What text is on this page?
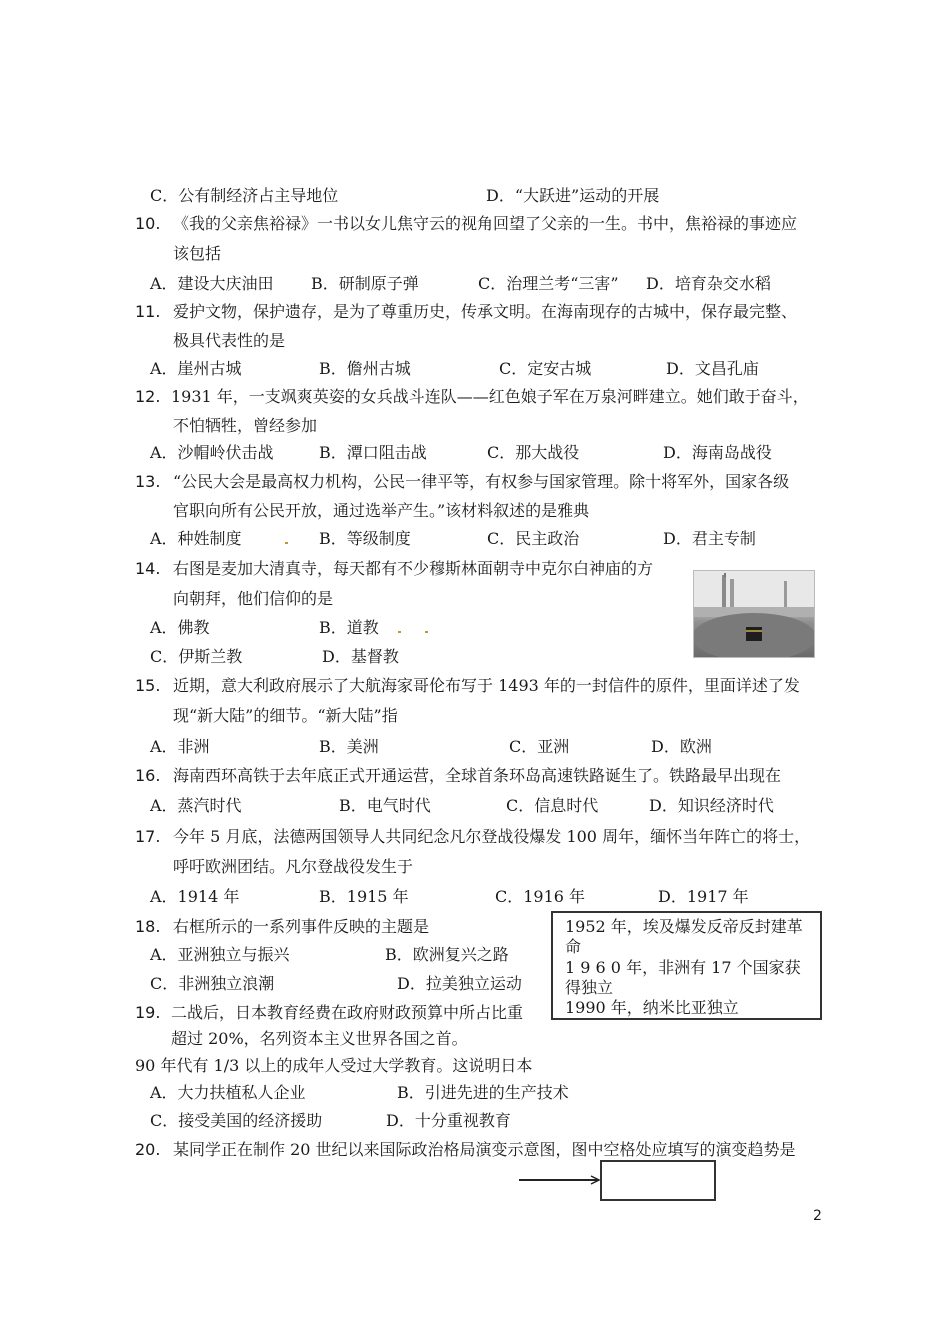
C．公有制经济占主导地位	D．“大跃进”运动的开展
10. 《我的父亲焦裕禄》一书以女儿焦守云的视角回望了父亲的一生。书中，焦裕禄的事迹应
该包括
A．建设大庆油田 B．研制原子弹	C．治理兰考“三害” D．培育杂交水稻
11. 爱护文物，保护遗存，是为了尊重历史，传承文明。在海南现存的古城中，保存最完整、
极具代表性的是
A．崖州古城	B．儋州古城	C．定安古城	D．文昌孔庙
12. 1931 年，一支飒爽英姿的女兵战斗连队——红色娘子军在万泉河畔建立。她们敢于奋斗，
不怕牺牲，曾经参加
A．沙帽岭伏击战	B．潭口阻击战	C．那大战役	D．海南岛战役
13. “公民大会是最高权力机构，公民一律平等，有权参与国家管理。除十将军外，国家各级
官职向所有公民开放，通过选举产生。”该材料叙述的是雅典
A．种姓制度	B．等级制度	C．民主政治	D．君主专制
14. 右图是麦加大清真寺，每天都有不少穆斯林面朝寺中克尔白神庙的方
向朝拜，他们信仰的是
A．佛教	B．道教
C．伊斯兰教	D．基督教
15. 近期，意大利政府展示了大航海家哥伦布写于 1493 年的一封信件的原件，里面详述了发
现“新大陆”的细节。“新大陆”指
A．非洲	B．美洲	C．亚洲	D．欧洲
16. 海南西环高铁于去年底正式开通运营，全球首条环岛高速铁路诞生了。铁路最早出现在
A．蒸汽时代	B．电气时代	C．信息时代	D．知识经济时代
17. 今年 5 月底，法德两国领导人共同纪念凡尔登战役爆发 100 周年，缅怀当年阵亡的将士，
呼吁欧洲团结。凡尔登战役发生于
A．1914 年	B．1915 年	C．1916 年	D．1917 年
18. 右框所示的一系列事件反映的主题是
A．亚洲独立与振兴	B．欧洲复兴之路
C．非洲独立浪潮	D．拉美独立运动
1952 年，埃及爆发反帝反封建革
命
1 9 6 0 年，非洲有 17 个国家获
得独立
1990 年，纳米比亚独立
19. 二战后，日本教育经费在政府财政预算中所占比重
超过 20%，名列资本主义世界各国之首。
90 年代有 1/3 以上的成年人受过大学教育。这说明日本
A．大力扶植私人企业	B．引进先进的生产技术
C．接受美国的经济援助	D．十分重视教育
20. 某同学正在制作 20 世纪以来国际政治格局演变示意图，图中空格处应填写的演变趋势是
2
